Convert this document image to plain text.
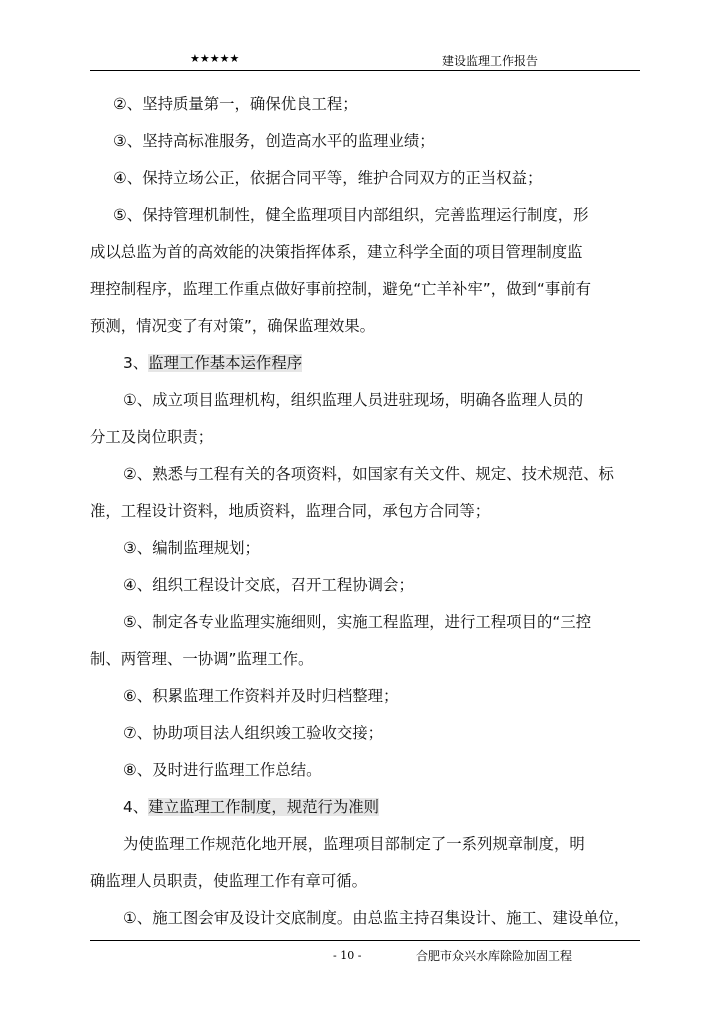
★★★★★	建设监理工作报告

②、坚持质量第一，确保优良工程；

③、坚持高标准服务，创造高水平的监理业绩；

④、保持立场公正，依据合同平等，维护合同双方的正当权益；

⑤、保持管理机制性，健全监理项目内部组织，完善监理运行制度，形

成以总监为首的高效能的决策指挥体系，建立科学全面的项目管理制度监

理控制程序，监理工作重点做好事前控制，避免“亡羊补牢”，做到“事前有

预测，情况变了有对策”，确保监理效果。

3、监理工作基本运作程序

①、成立项目监理机构，组织监理人员进驻现场，明确各监理人员的

分工及岗位职责；

②、熟悉与工程有关的各项资料，如国家有关文件、规定、技术规范、标

准，工程设计资料，地质资料，监理合同，承包方合同等；

③、编制监理规划；

④、组织工程设计交底，召开工程协调会；

⑤、制定各专业监理实施细则，实施工程监理，进行工程项目的“三控

制、两管理、一协调”监理工作。

⑥、积累监理工作资料并及时归档整理；

⑦、协助项目法人组织竣工验收交接；

⑧、及时进行监理工作总结。

4、建立监理工作制度，规范行为准则

为使监理工作规范化地开展，监理项目部制定了一系列规章制度，明

确监理人员职责，使监理工作有章可循。

①、施工图会审及设计交底制度。由总监主持召集设计、施工、建设单位，

- 10 -	合肥市众兴水库除险加固工程
